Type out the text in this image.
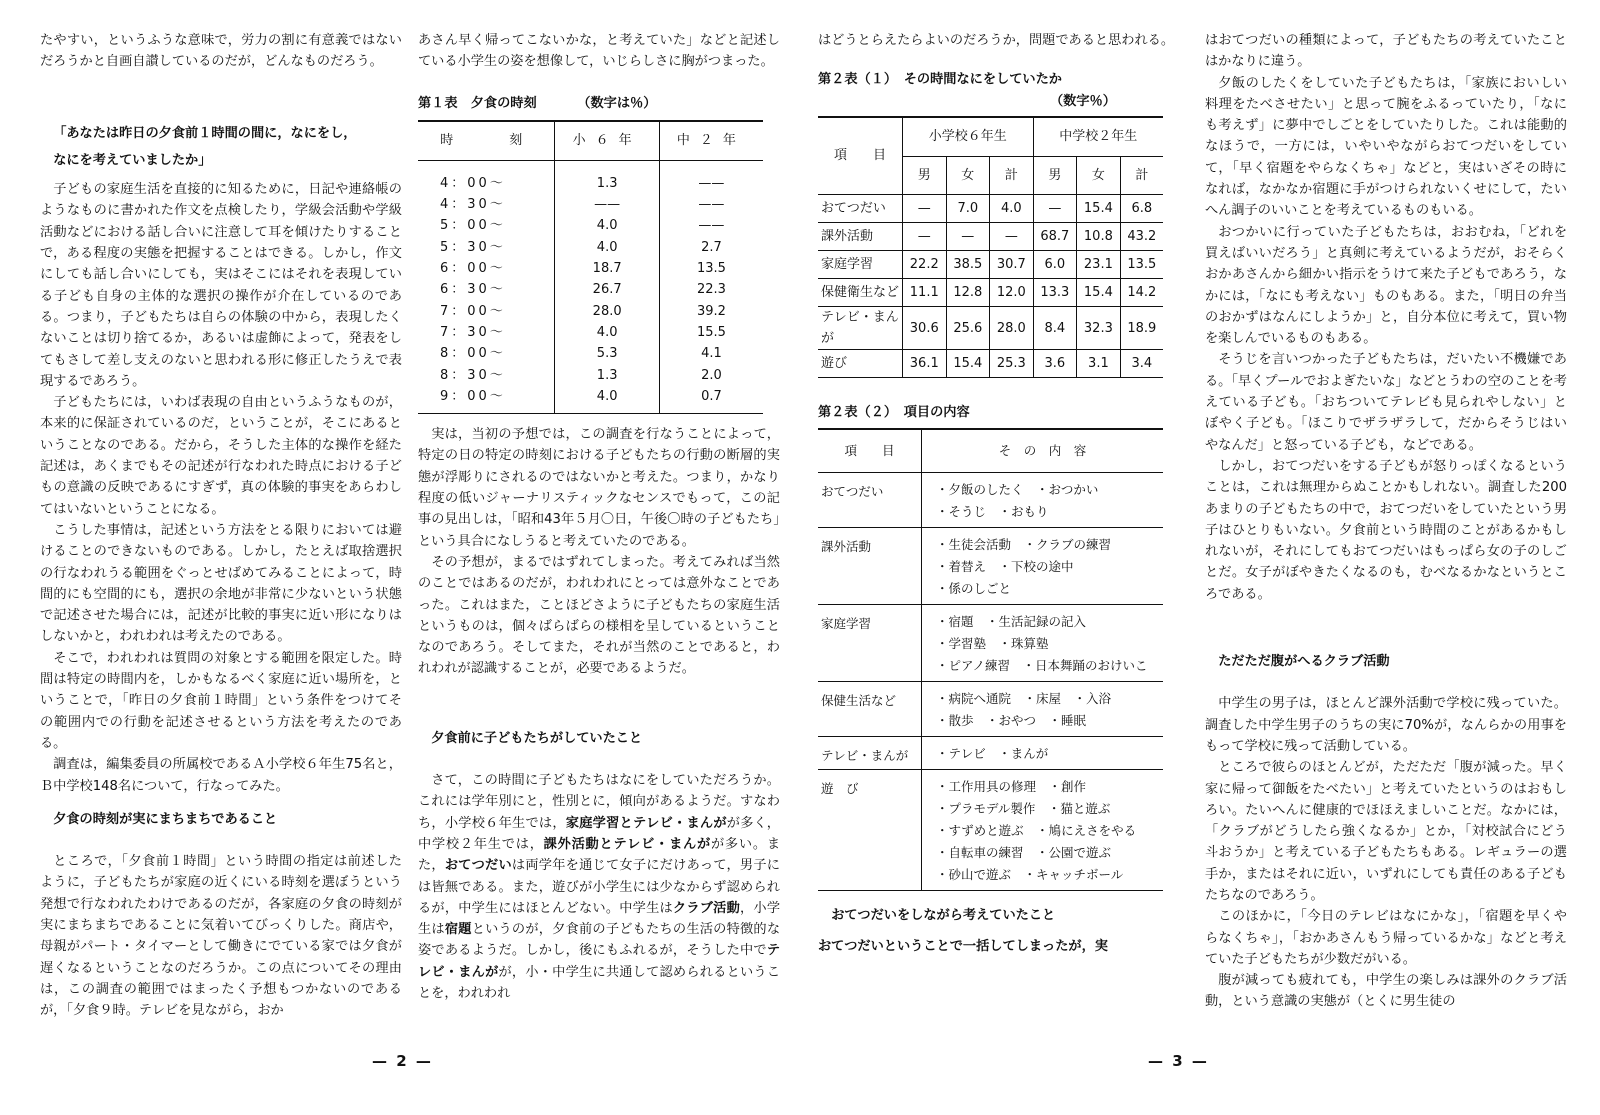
たやすい，というふうな意味で，労力の割に有意義ではないだろうかと自画自讃しているのだが，どんなものだろう。

「あなたは昨日の夕食前１時間の間に，なにをし，

なにを考えていましたか」

子どもの家庭生活を直接的に知るために，日記や連絡帳のようなものに書かれた作文を点検したり，学級会活動や学級活動などにおける話し合いに注意して耳を傾けたりすることで，ある程度の実態を把握することはできる。しかし，作文にしても話し合いにしても，実はそこにはそれを表現している子ども自身の主体的な選択の操作が介在しているのである。つまり，子どもたちは自らの体験の中から，表現したくないことは切り捨てるか，あるいは虚飾によって，発表をしてもさして差し支えのないと思われる形に修正したうえで表現するであろう。

子どもたちには，いわば表現の自由というふうなものが，本来的に保証されているのだ，ということが，そこにあるということなのである。だから，そうした主体的な操作を経た記述は，あくまでもその記述が行なわれた時点における子どもの意識の反映であるにすぎず，真の体験的事実をあらわしてはいないということになる。

こうした事情は，記述という方法をとる限りにおいては避けることのできないものである。しかし，たとえば取捨選択の行なわれうる範囲をぐっとせばめてみることによって，時間的にも空間的にも，選択の余地が非常に少ないという状態で記述させた場合には，記述が比較的事実に近い形になりはしないかと，われわれは考えたのである。

そこで，われわれは質問の対象とする範囲を限定した。時間は特定の時間内を，しかもなるべく家庭に近い場所を，ということで，「昨日の夕食前１時間」という条件をつけてその範囲内での行動を記述させるという方法を考えたのである。

調査は，編集委員の所属校であるＡ小学校６年生75名と，Ｂ中学校148名について，行なってみた。

夕食の時刻が実にまちまちであること

ところで，「夕食前１時間」という時間の指定は前述したように，子どもたちが家庭の近くにいる時刻を選ぼうという発想で行なわれたわけであるのだが，各家庭の夕食の時刻が実にまちまちであることに気着いてびっくりした。商店や，母親がパート・タイマーとして働きにでている家では夕食が遅くなるということなのだろうか。この点についてその理由は，この調査の範囲ではまったく予想もつかないのであるが，「夕食９時。テレビを見ながら，おか

あさん早く帰ってこないかな，と考えていた」などと記述している小学生の姿を想像して，いじらしさに胸がつまった。

第１表　夕食の時刻	（数字は％）
時　　刻	小６年	中２年
4：00～	1.3	——
4：30～	——	——
5：00～	4.0	——
5：30～	4.0	2.7
6：00～	18.7	13.5
6：30～	26.7	22.3
7：00～	28.0	39.2
7：30～	4.0	15.5
8：00～	5.3	4.1
8：30～	1.3	2.0
9：00～	4.0	0.7

実は，当初の予想では，この調査を行なうことによって，特定の日の特定の時刻における子どもたちの行動の断層的実態が浮彫りにされるのではないかと考えた。つまり，かなり程度の低いジャーナリスティックなセンスでもって，この記事の見出しは，「昭和43年５月〇日，午後〇時の子どもたち」という具合になしうると考えていたのである。

その予想が，まるではずれてしまった。考えてみれば当然のことではあるのだが，われわれにとっては意外なことであった。これはまた，ことほどさように子どもたちの家庭生活というものは，個々ばらばらの様相を呈しているということなのであろう。そしてまた，それが当然のことであると，われわれが認識することが，必要であるようだ。

夕食前に子どもたちがしていたこと

さて，この時間に子どもたちはなにをしていただろうか。これには学年別にと，性別とに，傾向があるようだ。すなわち，小学校６年生では，家庭学習とテレビ・まんがが多く，中学校２年生では，課外活動とテレビ・まんがが多い。また，おてつだいは両学年を通じて女子にだけあって，男子には皆無である。また，遊びが小学生には少なからず認められるが，中学生にはほとんどない。中学生はクラブ活動，小学生は宿題というのが，夕食前の子どもたちの生活の特徴的な姿であるようだ。しかし，後にもふれるが，そうした中でテレビ・まんがが，小・中学生に共通して認められるということを，われわれ

はどうとらえたらよいのだろうか，問題であると思われる。

第２表（１）　その時間なにをしていたか
（数字％）
項　　目	小学校６年生			中学校２年生		
	男	女	計	男	女	計
おてつだい	—	7.0	4.0	—	15.4	6.8
課外活動	—	—	—	68.7	10.8	43.2
家庭学習	22.2	38.5	30.7	6.0	23.1	13.5
保健衛生など	11.1	12.8	12.0	13.3	15.4	14.2
テレビ・まんが	30.6	25.6	28.0	8.4	32.3	18.9
遊び	36.1	15.4	25.3	3.6	3.1	3.4
第２表（２）　項目の内容
項　　目	そ　の　内　容
おてつだい	・夕飯のしたく　・おつかい
・そうじ　・おもり

課外活動	・生徒会活動　・クラブの練習
・着替え　・下校の途中
・係のしごと

家庭学習	・宿題　・生活記録の記入
・学習塾　・珠算塾
・ピアノ練習　・日本舞踊のおけいこ

保健生活など	・病院へ通院　・床屋　・入浴
・散歩　・おやつ　・睡眠

テレビ・まんが	・テレビ　・まんが

遊　び	・工作用具の修理　・創作
・プラモデル製作　・猫と遊ぶ
・すずめと遊ぶ　・鳩にえさをやる
・自転車の練習　・公園で遊ぶ
・砂山で遊ぶ　・キャッチボール

おてつだいをしながら考えていたこと

おてつだいということで一括してしまったが，実

はおてつだいの種類によって，子どもたちの考えていたことはかなりに違う。

夕飯のしたくをしていた子どもたちは，「家族においしい料理をたべさせたい」と思って腕をふるっていたり，「なにも考えず」に夢中でしごとをしていたりした。これは能動的なほうで，一方には，いやいやながらおてつだいをしていて，「早く宿題をやらなくちゃ」などと，実はいざその時になれば，なかなか宿題に手がつけられないくせにして，たいへん調子のいいことを考えているものもいる。

おつかいに行っていた子どもたちは，おおむね，「どれを買えばいいだろう」と真剣に考えているようだが，おそらくおかあさんから細かい指示をうけて来た子どもであろう，なかには，「なにも考えない」ものもある。また，「明日の弁当のおかずはなんにしようか」と，自分本位に考えて，買い物を楽しんでいるものもある。

そうじを言いつかった子どもたちは，だいたい不機嫌である。「早くプールでおよぎたいな」などとうわの空のことを考えている子ども。「おちついてテレビも見られやしない」とぼやく子ども。「ほこりでザラザラして，だからそうじはいやなんだ」と怒っている子ども，などである。

しかし，おてつだいをする子どもが怒りっぽくなるということは，これは無理からぬことかもしれない。調査した200あまりの子どもたちの中で，おてつだいをしていたという男子はひとりもいない。夕食前という時間のことがあるかもしれないが，それにしてもおてつだいはもっぱら女の子のしごとだ。女子がぼやきたくなるのも，むべなるかなというところである。

ただただ腹がへるクラブ活動

中学生の男子は，ほとんど課外活動で学校に残っていた。調査した中学生男子のうちの実に70%が，なんらかの用事をもって学校に残って活動している。

ところで彼らのほとんどが，ただただ「腹が減った。早く家に帰って御飯をたべたい」と考えていたというのはおもしろい。たいへんに健康的でほほえましいことだ。なかには，「クラブがどうしたら強くなるか」とか，「対校試合にどう斗おうか」と考えている子どもたちもある。レギュラーの選手か，またはそれに近い，いずれにしても責任のある子どもたちなのであろう。

このほかに，「今日のテレビはなにかな」，「宿題を早くやらなくちゃ」，「おかあさんもう帰っているかな」などと考えていた子どもたちが少数だがいる。

腹が減っても疲れても，中学生の楽しみは課外のクラブ活動，という意識の実態が（とくに男生徒の

— 2 —	— 3 —
